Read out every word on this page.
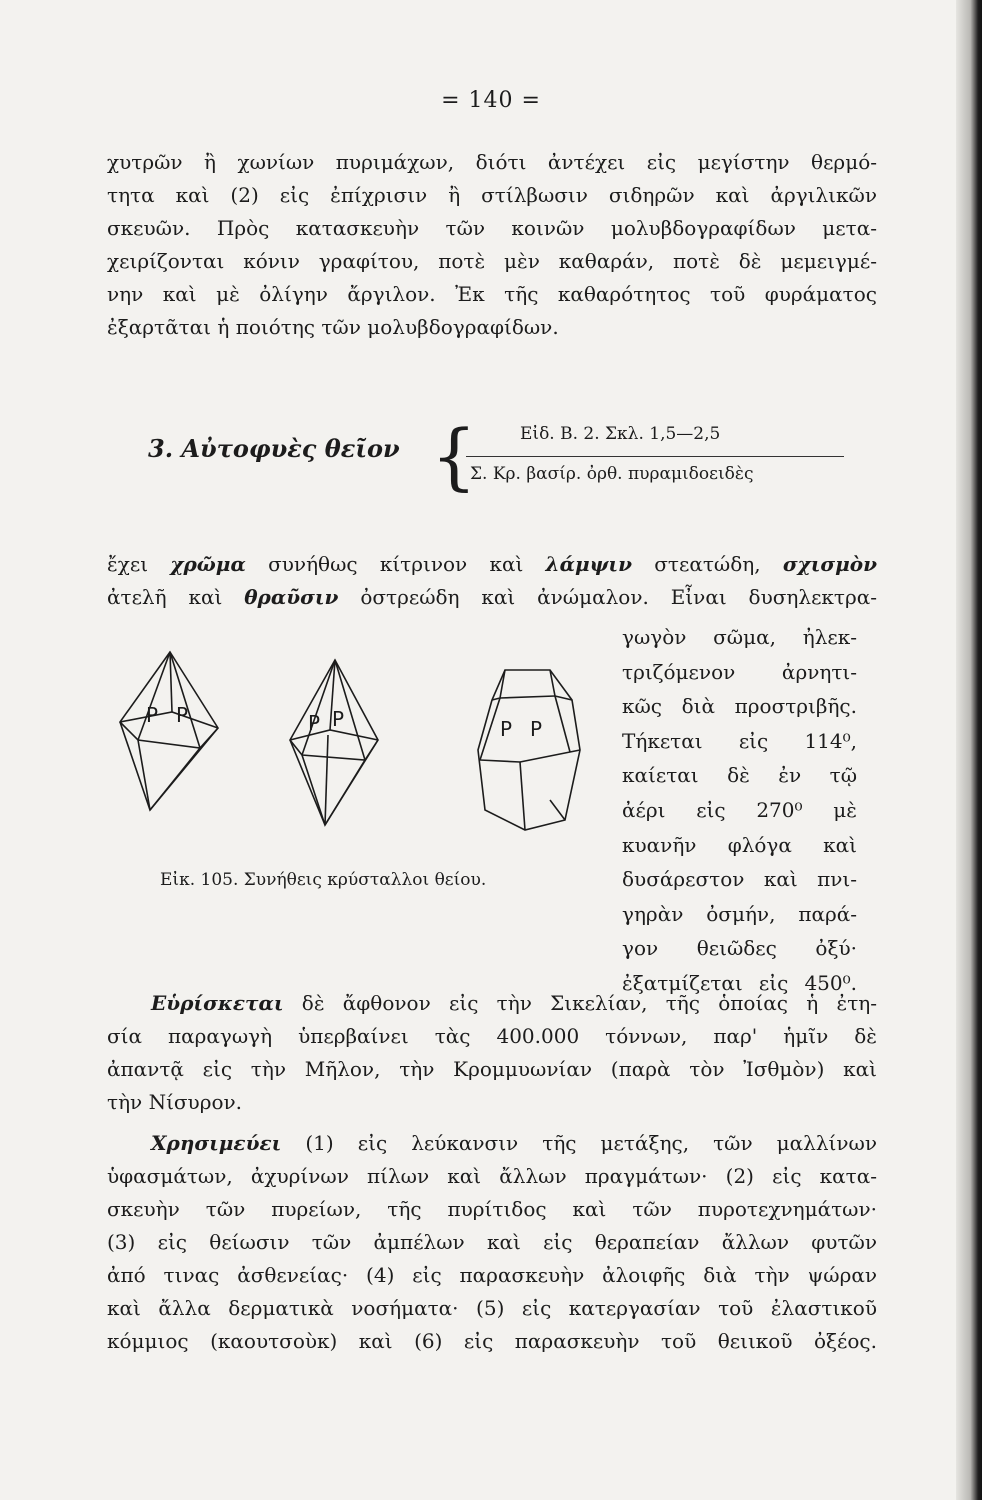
= 140 =
χυτρῶν ἢ χωνίων πυριμάχων, διότι ἀντέχει εἰς μεγίστην θερμό-
τητα καὶ (2) εἰς ἐπίχρισιν ἢ στίλβωσιν σιδηρῶν καὶ ἀργιλικῶν
σκευῶν. Πρὸς κατασκευὴν τῶν κοινῶν μολυβδογραφίδων μετα-
χειρίζονται κόνιν γραφίτου, ποτὲ μὲν καθαράν, ποτὲ δὲ μεμειγμέ-
νην καὶ μὲ ὀλίγην ἄργιλον. Ἐκ τῆς καθαρότητος τοῦ φυράματος
ἐξαρτᾶται ἡ ποιότης τῶν μολυβδογραφίδων.
3. Αὐτοφυὲς θεῖον {	Εἰδ. Β. 2. Σκλ. 1,5—2,5
Σ. Κρ. βασίρ. ὀρθ. πυραμιδοειδὲς
ἔχει χρῶμα συνήθως κίτρινον καὶ λάμψιν στεατώδη, σχισμὸν
ἀτελῆ καὶ θραῦσιν ὀστρεώδη καὶ ἀνώμαλον. Εἶναι δυσηλεκτρα-
γωγὸν σῶμα, ἠλεκ-
τριζόμενον ἀρνητι-
κῶς διὰ προστριβῆς.
Τήκεται εἰς 114⁰,
καίεται δὲ ἐν τῷ
ἀέρι εἰς 270⁰ μὲ
κυανῆν φλόγα καὶ
δυσάρεστον καὶ πνι-
γηρὰν ὀσμήν, παρά-
γον θειῶδες ὀξύ·
ἐξατμίζεται εἰς 450⁰.
P P	P P	P P
Εἰκ. 105. Συνήθεις κρύσταλλοι θείου.
Εὑρίσκεται δὲ ἄφθονον εἰς τὴν Σικελίαν, τῆς ὁποίας ἡ ἐτη-
σία παραγωγὴ ὑπερβαίνει τὰς 400.000 τόννων, παρ' ἡμῖν δὲ
ἀπαντᾷ εἰς τὴν Μῆλον, τὴν Κρομμυωνίαν (παρὰ τὸν Ἰσθμὸν) καὶ
τὴν Νίσυρον.
Χρησιμεύει (1) εἰς λεύκανσιν τῆς μετάξης, τῶν μαλλίνων
ὑφασμάτων, ἀχυρίνων πίλων καὶ ἄλλων πραγμάτων· (2) εἰς κατα-
σκευὴν τῶν πυρείων, τῆς πυρίτιδος καὶ τῶν πυροτεχνημάτων·
(3) εἰς θείωσιν τῶν ἀμπέλων καὶ εἰς θεραπείαν ἄλλων φυτῶν
ἀπό τινας ἀσθενείας· (4) εἰς παρασκευὴν ἀλοιφῆς διὰ τὴν ψώραν
καὶ ἄλλα δερματικὰ νοσήματα· (5) εἰς κατεργασίαν τοῦ ἐλαστικοῦ
κόμμιος (καουτσοὺκ) καὶ (6) εἰς παρασκευὴν τοῦ θειικοῦ ὀξέος.
